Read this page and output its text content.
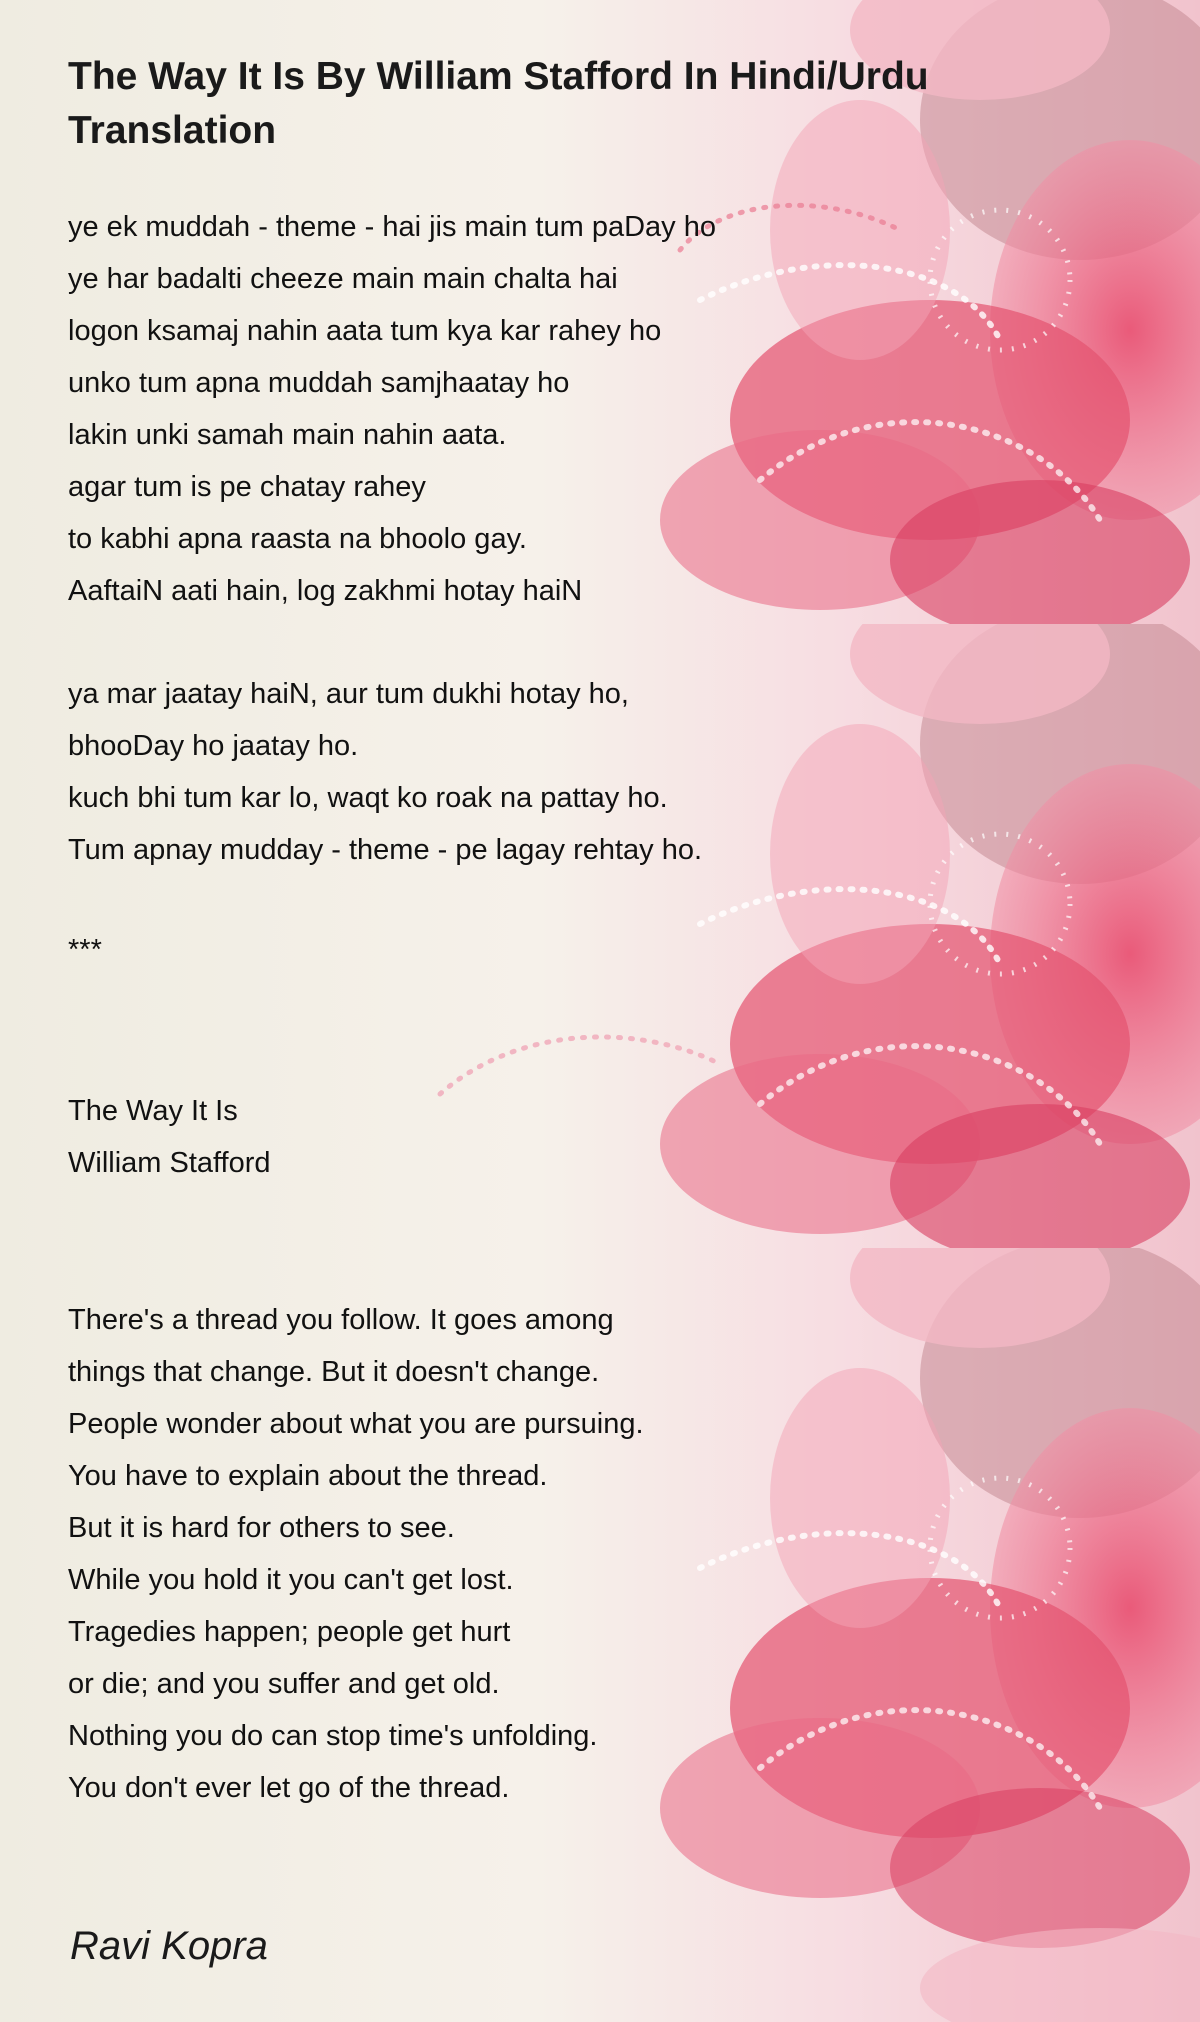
The Way It Is By William Stafford In Hindi/Urdu Translation
ye ek muddah - theme - hai jis main tum paDay ho
ye har badalti cheeze main main chalta hai
logon ksamaj nahin aata tum kya kar rahey ho
unko tum apna muddah samjhaatay ho
lakin unki samah main nahin aata.
agar tum is pe chatay rahey
to kabhi apna raasta na bhoolo gay.
AaftaiN aati hain, log zakhmi hotay haiN
ya mar jaatay haiN, aur tum dukhi hotay ho,
bhooDay ho jaatay ho.
kuch bhi tum kar lo, waqt ko roak na pattay ho.
Tum apnay mudday - theme - pe lagay rehtay ho.
***
The Way It Is
William Stafford
There's a thread you follow. It goes among
things that change. But it doesn't change.
People wonder about what you are pursuing.
You have to explain about the thread.
But it is hard for others to see.
While you hold it you can't get lost.
Tragedies happen; people get hurt
or die; and you suffer and get old.
Nothing you do can stop time's unfolding.
You don't ever let go of the thread.
Ravi Kopra
